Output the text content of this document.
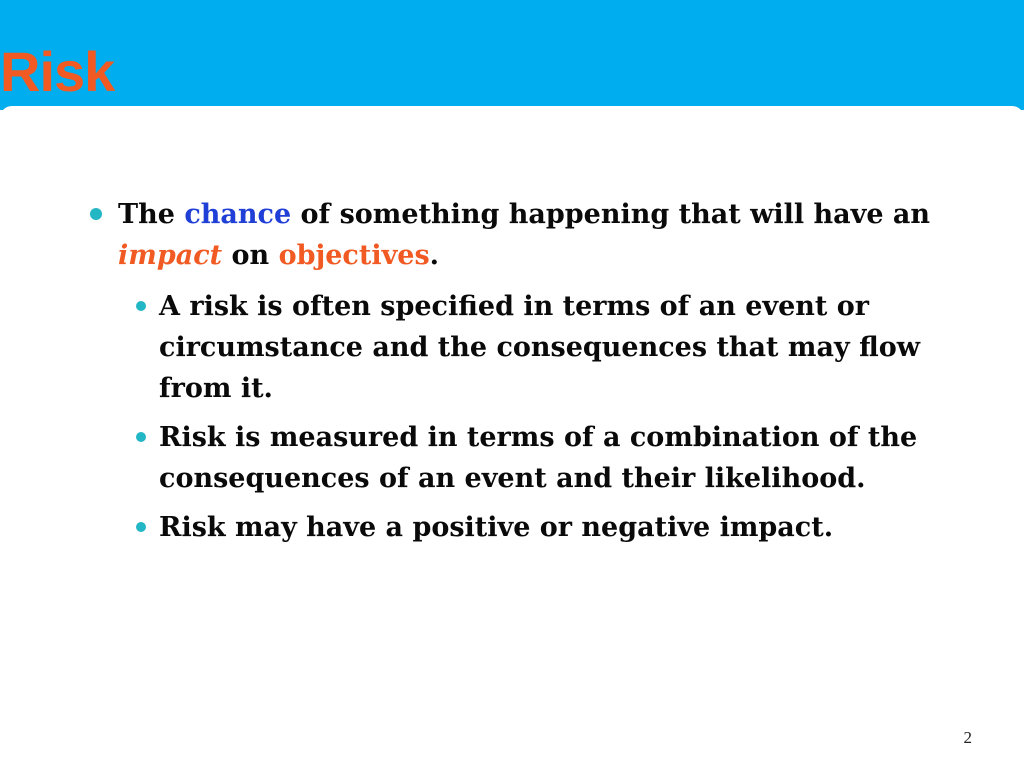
Risk
The chance of something happening that will have an impact on objectives.
A risk is often specified in terms of an event or circumstance and the consequences that may flow from it.
Risk is measured in terms of a combination of the consequences of an event and their likelihood.
Risk may have a positive or negative impact.
2
